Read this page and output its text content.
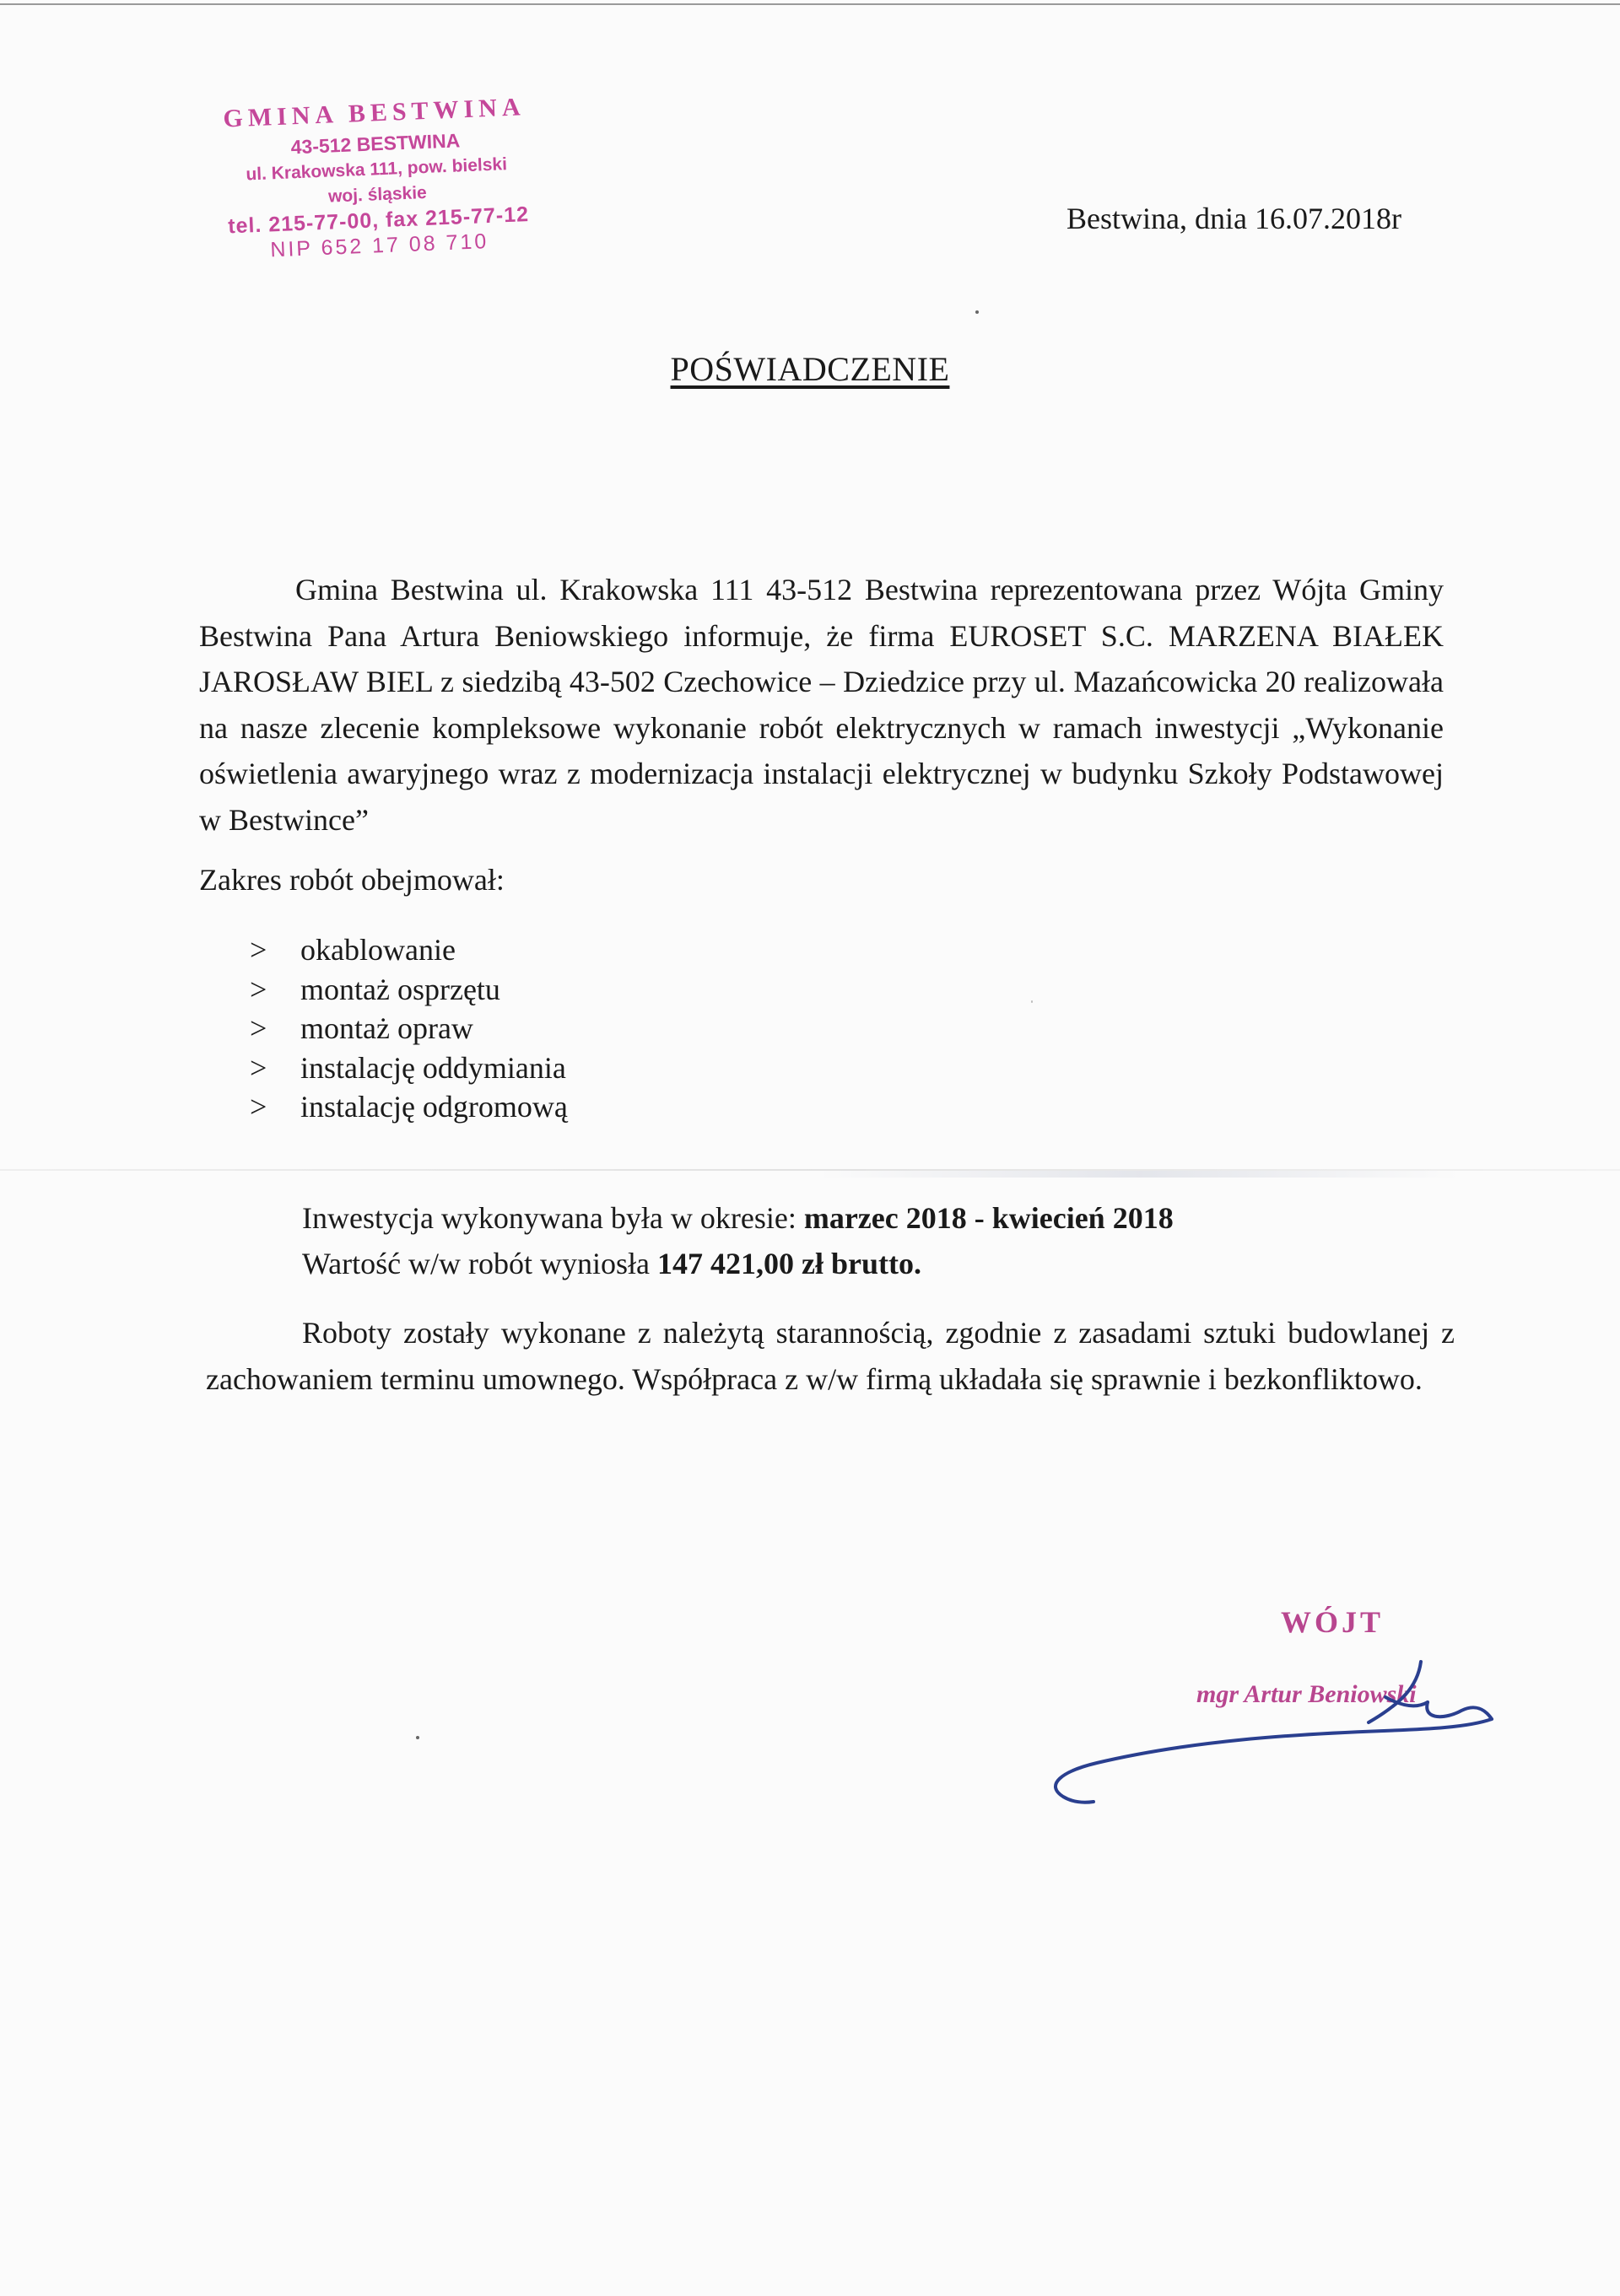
GMINA BESTWINA
43-512 BESTWINA
ul. Krakowska 111, pow. bielski
woj. śląskie
tel. 215-77-00, fax 215-77-12
NIP 652 17 08 710
Bestwina, dnia 16.07.2018r
POŚWIADCZENIE

Gmina Bestwina ul. Krakowska 111 43-512 Bestwina reprezentowana przez Wójta Gminy Bestwina Pana Artura Beniowskiego informuje, że firma EUROSET S.C. MARZENA BIAŁEK JAROSŁAW BIEL z siedzibą 43-502 Czechowice – Dziedzice przy ul. Mazańcowicka 20 realizowała na nasze zlecenie kompleksowe wykonanie robót elektrycznych w ramach inwestycji „Wykonanie oświetlenia awaryjnego wraz z modernizacja instalacji elektrycznej w budynku Szkoły Podstawowej w Bestwince”

Zakres robót obejmował:
>	okablowanie
>	montaż osprzętu
>	montaż opraw
>	instalację oddymiania
>	instalację odgromową
Inwestycja wykonywana była w okresie: marzec 2018 - kwiecień 2018
Wartość w/w robót wyniosła 147 421,00 zł brutto.

Roboty zostały wykonane z należytą starannością, zgodnie z zasadami sztuki budowlanej z zachowaniem terminu umownego. Współpraca z w/w firmą układała się sprawnie i bezkonfliktowo.

WÓJT
mgr Artur Beniowski
